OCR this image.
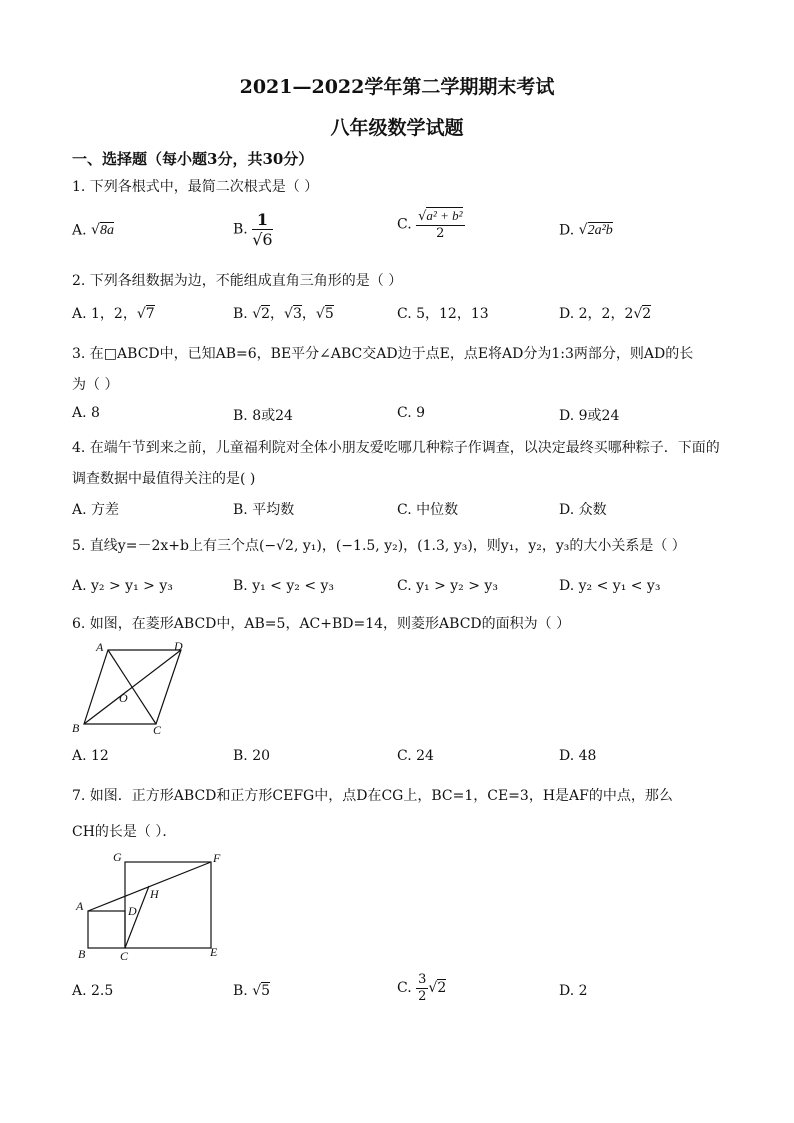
2021—2022学年第二学期期末考试
八年级数学试题
一、选择题（每小题3分，共30分）
1. 下列各根式中，最简二次根式是（ ）
A. √8a	B. $\frac{1}{√6}$	C. $\frac{\text{√a² + b²}}{2}$	D. √2a²b
2. 下列各组数据为边，不能组成直角三角形的是（ ）
A. 1，2，√7	B. √2，√3，√5	C. 5，12，13	D. 2，2，2√2
3. 在□ABCD中，已知AB=6，BE平分∠ABC交AD边于点E，点E将AD分为1:3两部分，则AD的长
为（ ）
A. 8	B. 8或24	C. 9	D. 9或24
4. 在端午节到来之前，儿童福利院对全体小朋友爱吃哪几种粽子作调查，以决定最终买哪种粽子．下面的
调查数据中最值得关注的是( )
A. 方差	B. 平均数	C. 中位数	D. 众数
5. 直线y=－2x+b上有三个点(−√2, y₁)，(−1.5, y₂)，(1.3, y₃)，则y₁，y₂，y₃的大小关系是（ ）
A. y₂ > y₁ > y₃	B. y₁ < y₂ < y₃	C. y₁ > y₂ > y₃	D. y₂ < y₁ < y₃
6. 如图，在菱形ABCD中，AB=5，AC+BD=14，则菱形ABCD的面积为（ ）
A	D
O
B	C
A. 12	B. 20	C. 24	D. 48
7. 如图．正方形ABCD和正方形CEFG中，点D在CG上，BC=1，CE=3，H是AF的中点，那么
CH的长是（ ）．
G	F
H
A	D
B	C	E
A. 2.5	B. √5	C. $\frac{3}{2} √2$	D. 2
